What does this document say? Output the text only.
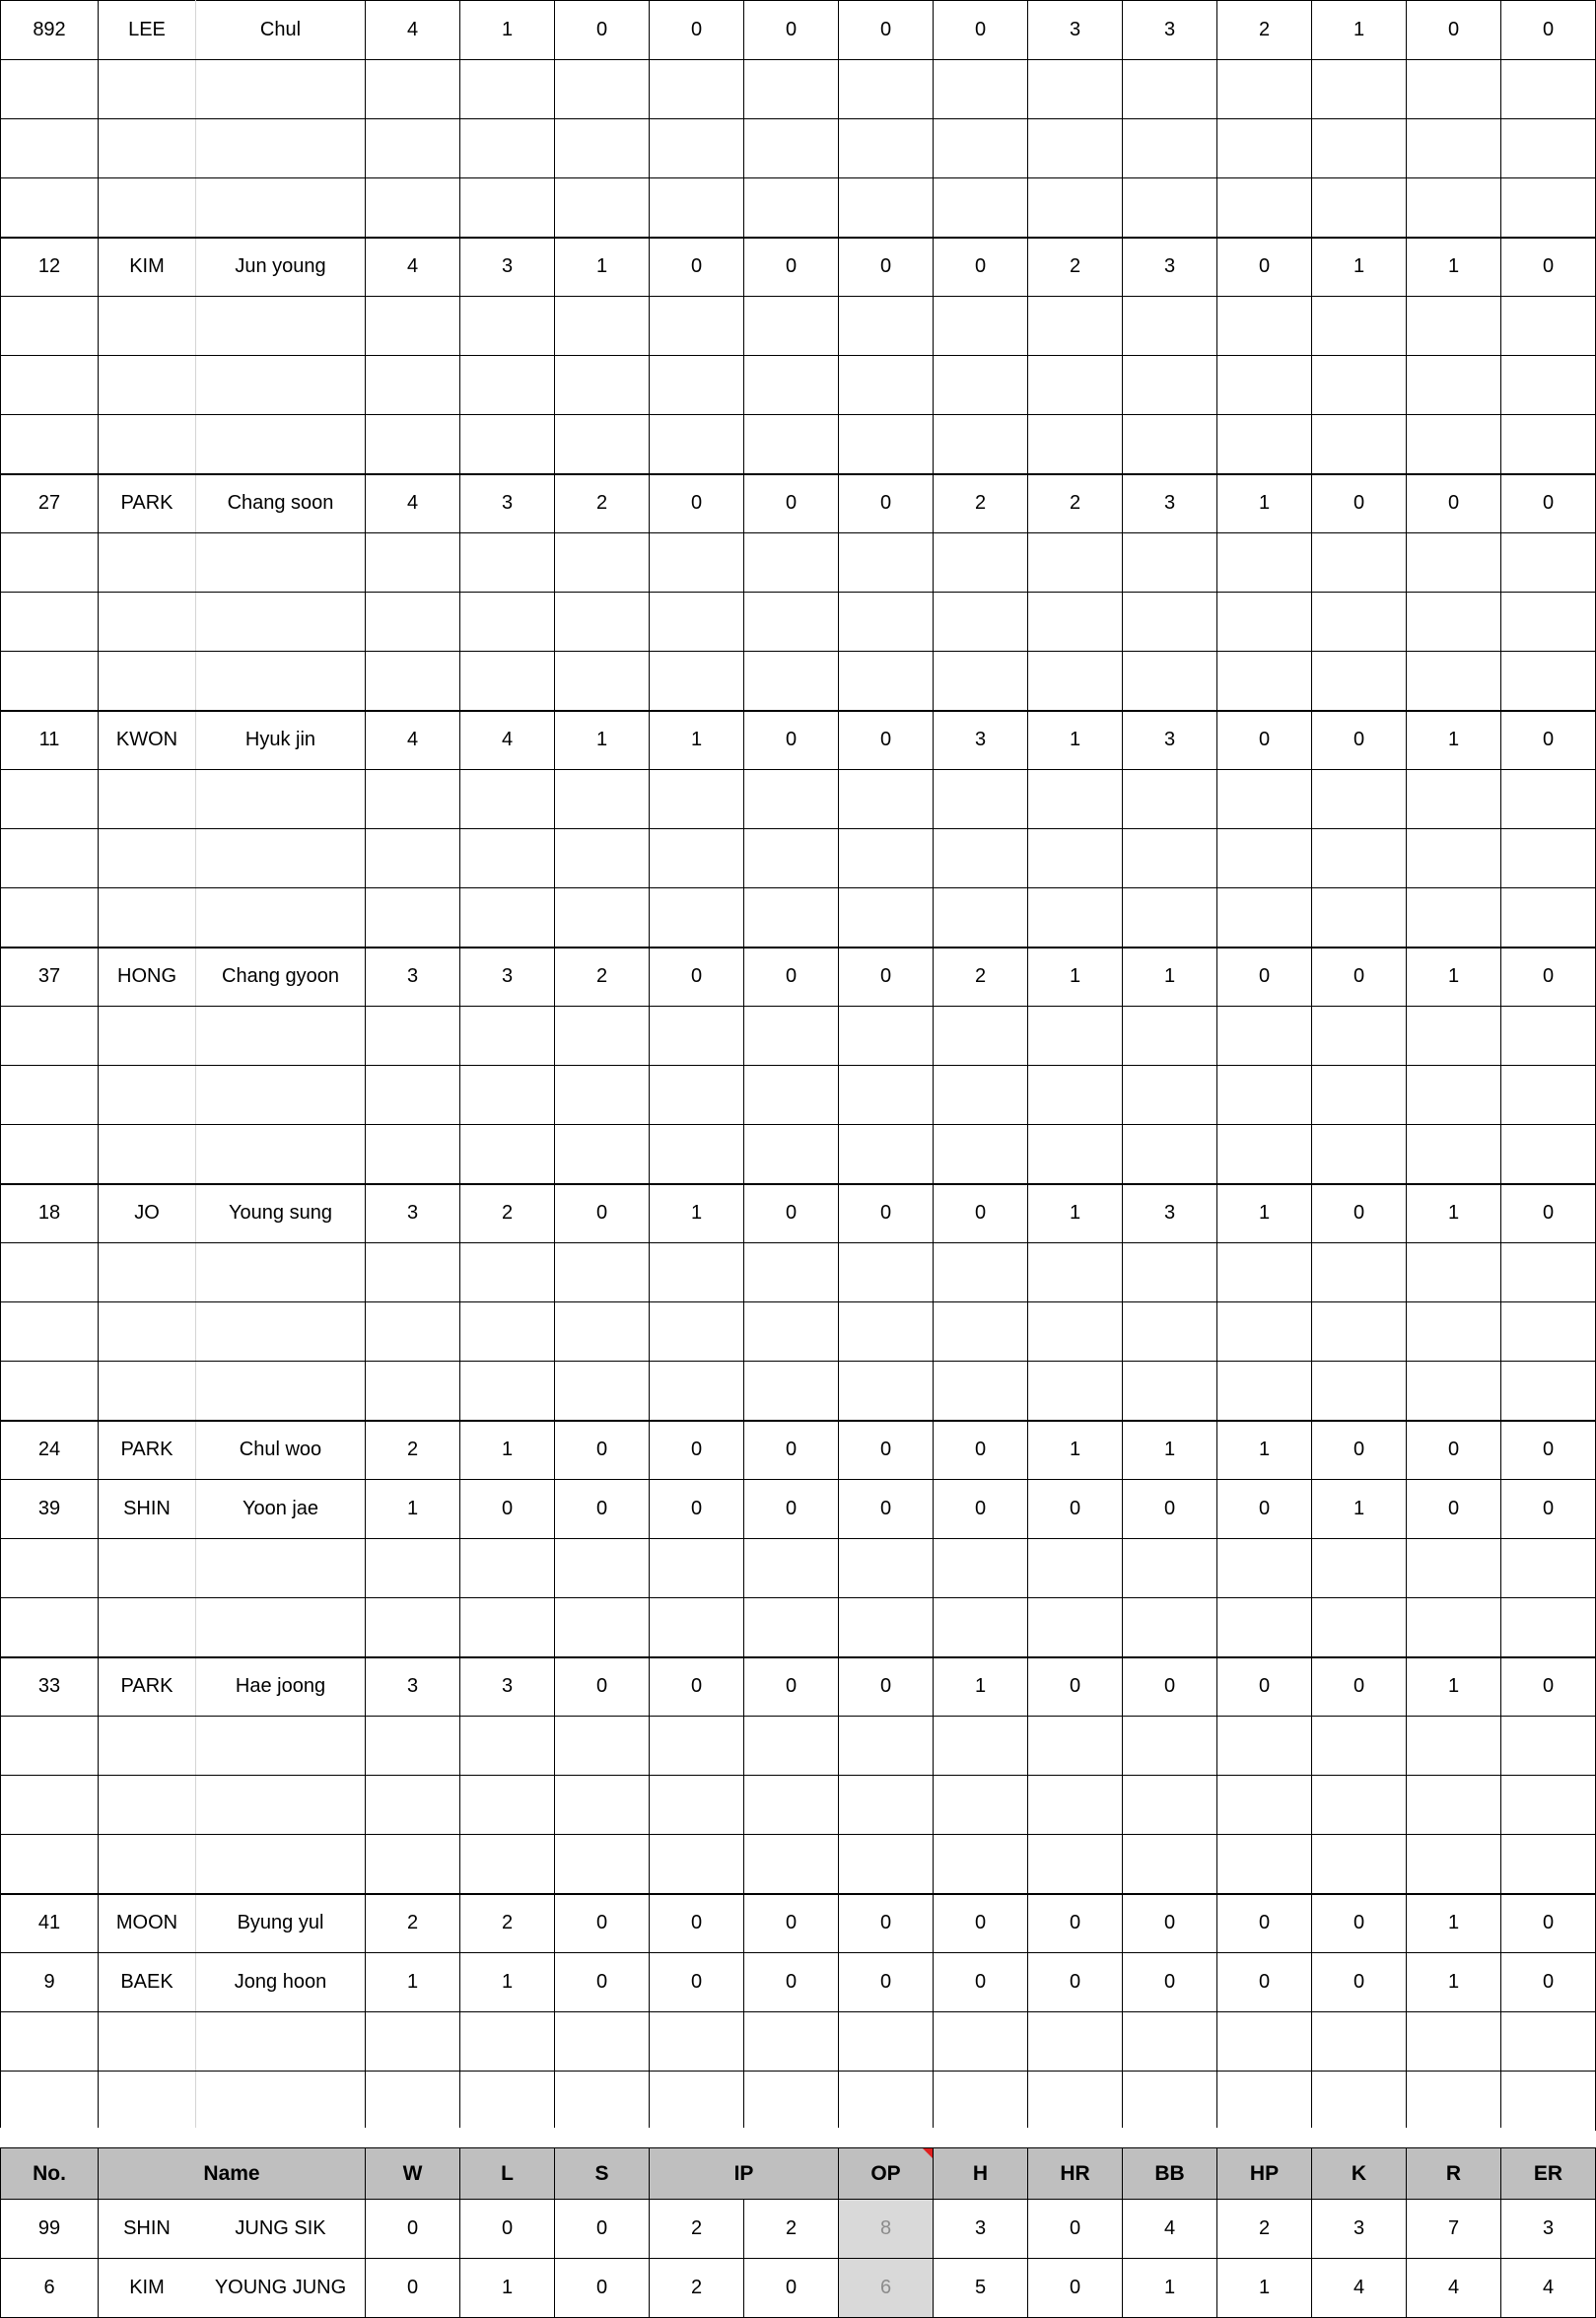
892	LEE	Chul	4	1	0	0	0	0	0	3	3	2	1	0	0

12	KIM	Jun young	4	3	1	0	0	0	0	2	3	0	1	1	0

27	PARK	Chang soon	4	3	2	0	0	0	2	2	3	1	0	0	0

11	KWON	Hyuk jin	4	4	1	1	0	0	3	1	3	0	0	1	0

37	HONG	Chang gyoon	3	3	2	0	0	0	2	1	1	0	0	1	0

18	JO	Young sung	3	2	0	1	0	0	0	1	3	1	0	1	0

24	PARK	Chul woo	2	1	0	0	0	0	0	1	1	1	0	0	0
39	SHIN	Yoon jae	1	0	0	0	0	0	0	0	0	0	1	0	0

33	PARK	Hae joong	3	3	0	0	0	0	1	0	0	0	0	1	0

41	MOON	Byung yul	2	2	0	0	0	0	0	0	0	0	0	1	0
9	BAEK	Jong hoon	1	1	0	0	0	0	0	0	0	0	0	1	0

No.	Name		W	L	S	IP		OP	H	HR	BB	HP	K	R	ER
99	SHIN	JUNG SIK	0	0	0	2	2	8	3	0	4	2	3	7	3
6	KIM	YOUNG JUNG	0	1	0	2	0	6	5	0	1	1	4	4	4
